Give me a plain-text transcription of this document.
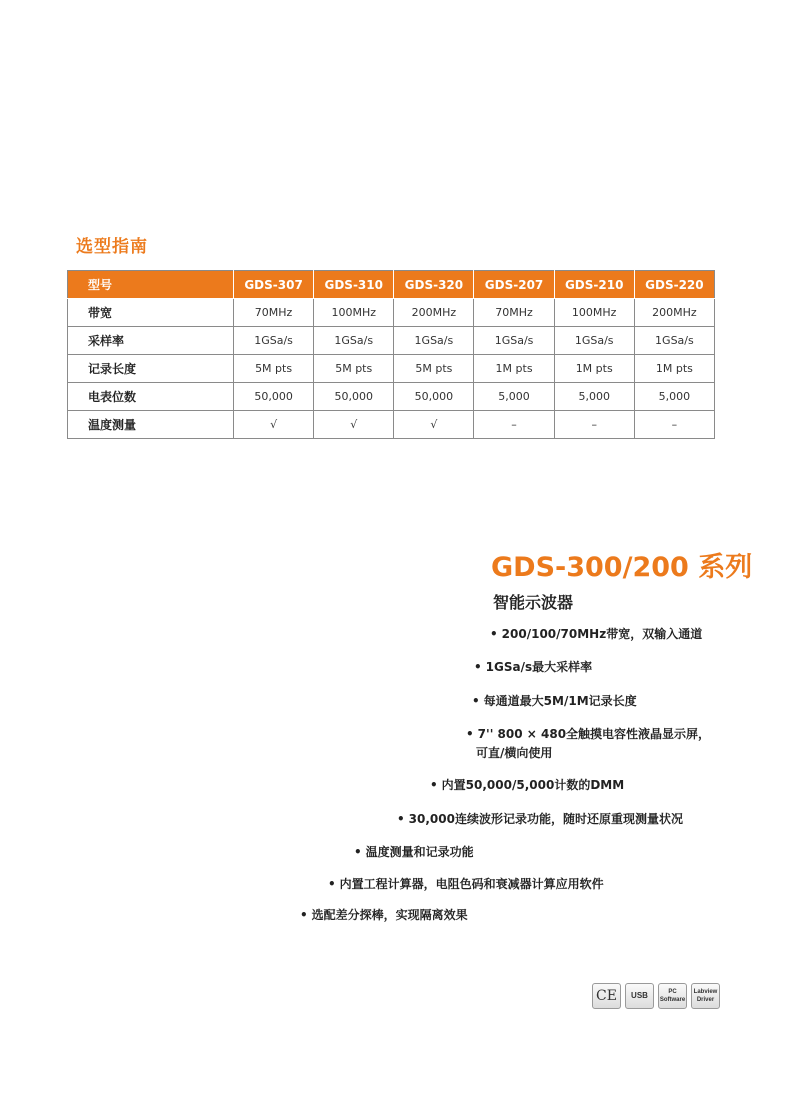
选型指南
型号	GDS-307	GDS-310	GDS-320	GDS-207	GDS-210	GDS-220
带宽	70MHz	100MHz	200MHz	70MHz	100MHz	200MHz
采样率	1GSa/s	1GSa/s	1GSa/s	1GSa/s	1GSa/s	1GSa/s
记录长度	5M pts	5M pts	5M pts	1M pts	1M pts	1M pts
电表位数	50,000	50,000	50,000	5,000	5,000	5,000
温度测量	√	√	√	–	–	–
GDS-300/200 系列
智能示波器

• 200/100/70MHz带宽，双输入通道

• 1GSa/s最大采样率

• 每通道最大5M/1M记录长度

• 7'' 800 × 480全触摸电容性液晶显示屏，
可直/横向使用

• 内置50,000/5,000计数的DMM

• 30,000连续波形记录功能，随时还原重现测量状况

• 温度测量和记录功能

• 内置工程计算器，电阻色码和衰减器计算应用软件

• 选配差分探棒，实现隔离效果

CE USB	PC
Software
Labview
Driver
